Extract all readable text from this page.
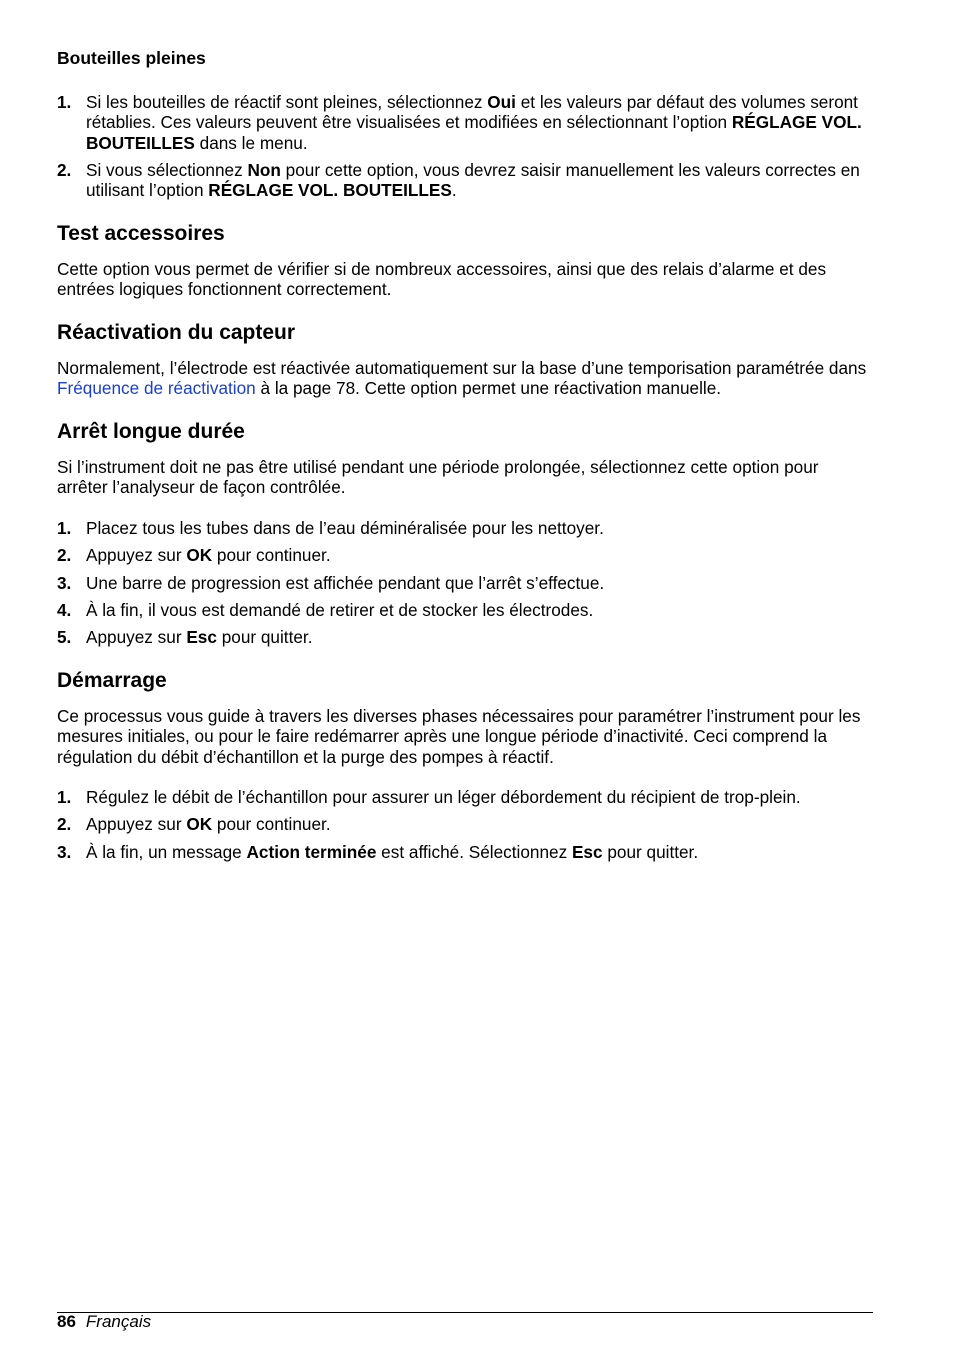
Bouteilles pleines
1. Si les bouteilles de réactif sont pleines, sélectionnez Oui et les valeurs par défaut des volumes seront rétablies. Ces valeurs peuvent être visualisées et modifiées en sélectionnant l’option RÉGLAGE VOL. BOUTEILLES dans le menu.
2. Si vous sélectionnez Non pour cette option, vous devrez saisir manuellement les valeurs correctes en utilisant l’option RÉGLAGE VOL. BOUTEILLES.
Test accessoires

Cette option vous permet de vérifier si de nombreux accessoires, ainsi que des relais d’alarme et des entrées logiques fonctionnent correctement.

Réactivation du capteur

Normalement, l’électrode est réactivée automatiquement sur la base d’une temporisation paramétrée dans Fréquence de réactivation à la page 78. Cette option permet une réactivation manuelle.

Arrêt longue durée

Si l’instrument doit ne pas être utilisé pendant une période prolongée, sélectionnez cette option pour arrêter l’analyseur de façon contrôlée.

1. Placez tous les tubes dans de l’eau déminéralisée pour les nettoyer.
2. Appuyez sur OK pour continuer.
3. Une barre de progression est affichée pendant que l’arrêt s’effectue.
4. À la fin, il vous est demandé de retirer et de stocker les électrodes.
5. Appuyez sur Esc pour quitter.
Démarrage

Ce processus vous guide à travers les diverses phases nécessaires pour paramétrer l’instrument pour les mesures initiales, ou pour le faire redémarrer après une longue période d’inactivité. Ceci comprend la régulation du débit d’échantillon et la purge des pompes à réactif.

1. Régulez le débit de l’échantillon pour assurer un léger débordement du récipient de trop-plein.
2. Appuyez sur OK pour continuer.
3. À la fin, un message Action terminée est affiché. Sélectionnez Esc pour quitter.
86 Français
